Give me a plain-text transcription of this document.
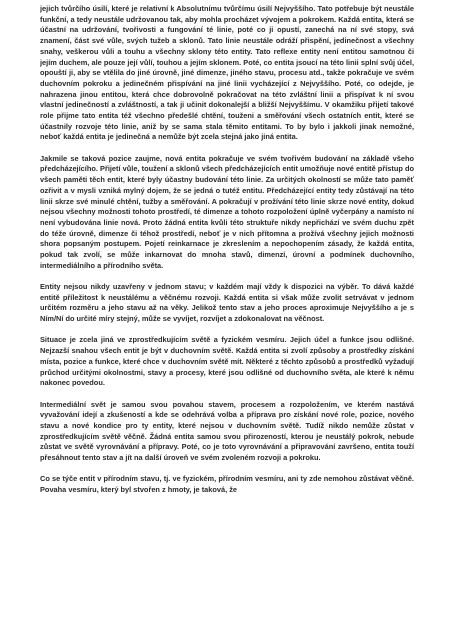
jejich tvůrčího úsilí, které je relativní k Absolutnímu tvůrčímu úsilí Nejvyššího. Tato potřebuje být neustále funkční, a tedy neustále udržovanou tak, aby mohla procházet vývojem a pokrokem. Každá entita, která se účastní na udržování, tvořivosti a fungování té linie, poté co ji opustí, zanechá na ní své stopy, svá znamení, část své vůle, svých tužeb a sklonů. Tato linie neustále odráží přispění, jedinečnost a všechny snahy, veškerou vůli a touhu a všechny sklony této entity. Tato reflexe entity není entitou samotnou či jejím duchem, ale pouze její vůlí, touhou a jejím sklonem. Poté, co entita jsoucí na této linii splní svůj účel, opouští ji, aby se vtělila do jiné úrovně, jiné dimenze, jiného stavu, procesu atd., takže pokračuje ve svém duchovním pokroku a jedinečném přispívání na jiné linii vycházející z Nejvyššího. Poté, co odejde, je nahrazena jinou entitou, která chce dobrovolně pokračovat na této zvláštní linii a přispívat k ní svou vlastní jedinečností a zvláštností, a tak ji učinit dokonalejší a bližší Nejvyššímu. V okamžiku přijetí takové role přijme tato entita též všechno předešlé chtění, touženi a směřování všech ostatních entit, které se účastnily rozvoje této linie, aniž by se sama stala těmito entitami. To by bylo i jakkoli jinak nemožné, neboť každá entita je jedinečná a nemůže být zcela stejná jako jiná entita.

Jakmile se taková pozice zaujme, nová entita pokračuje ve svém tvořivém budování na základě všeho předcházejícího. Přijetí vůle, toužení a sklonů všech předcházejících entit umožňuje nové entitě přístup do všech paměti těch entit, které byly účastny budování této linie. Za určitých okolností se může tato paměť ozřivit a v mysli vzniká mylný dojem, že se jedná o tutéž entitu. Předcházející entity tedy zůstávají na této linii skrze své minulé chtění, tužby a směřování. A pokračují v prožívání této linie skrze nové entity, dokud nejsou všechny možnosti tohoto prostředí, té dimenze a tohoto rozpoložení úplně vyčerpány a namísto ní není vybudována linie nová. Proto žádná entita kvůli této struktuře nikdy nepřichází ve svém duchu zpět do téže úrovně, dimenze či téhož prostředí, neboť je v nich přítomna a prožívá všechny jejich možnosti shora popsaným postupem. Pojetí reinkarnace je zkreslením a nepochopením zásady, že každá entita, pokud tak zvolí, se může inkarnovat do mnoha stavů, dimenzí, úrovní a podmínek duchovního, intermediálního a přírodního světa.

Entity nejsou nikdy uzavřeny v jednom stavu; v každém mají vždy k dispozici na výběr. To dává každé entitě příležitost k neustálému a věčnému rozvoji. Každá entita si však může zvolit setrvávat v jednom určitém rozměru a jeho stavu až na věky. Jelikož tento stav a jeho proces aproximuje Nejvyššího a je s Ním/Ní do určité míry stejný, může se vyvíjet, rozvíjet a zdokonalovat na věčnost.

Situace je zcela jiná ve zprostředkujícím světě a fyzickém vesmíru. Jejich účel a funkce jsou odlišné. Nejzazší snahou všech entit je být v duchovním světě. Každá entita si zvolí způsoby a prostředky získání místa, pozice a funkce, které chce v duchovním světě mít. Některé z těchto způsobů a prostředků vyžadují průchod určitými okolnostmi, stavy a procesy, které jsou odlišné od duchovního světa, ale které k němu nakonec povedou.

Intermediální svět je samou svou povahou stavem, procesem a rozpoložením, ve kterém nastává vyvažování idejí a zkušeností a kde se odehrává volba a příprava pro získání nové role, pozice, nového stavu a nové kondice pro ty entity, které nejsou v duchovním světě. Tudíž nikdo nemůže zůstat v zprostředkujícím světě věčně. Žádná entita samou svou přirozeností, kterou je neustálý pokrok, nebude zůstat ve světě vyrovnávání a přípravy. Poté, co je toto vyrovnávání a připravování završeno, entita touží přesáhnout tento stav a jít na další úroveň ve svém zvoleném rozvoji a pokroku.

Co se týče entit v přírodním stavu, tj. ve fyzickém, přírodním vesmíru, ani ty zde nemohou zůstávat věčně. Povaha vesmíru, který byl stvořen z hmoty, je taková, že
